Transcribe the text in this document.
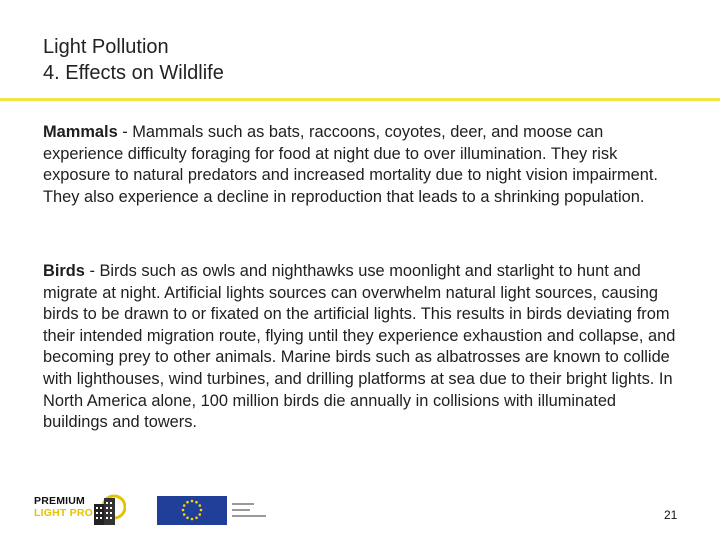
Light Pollution
4. Effects on Wildlife

Mammals - Mammals such as bats, raccoons, coyotes, deer, and moose can experience difficulty foraging for food at night due to over illumination. They risk exposure to natural predators and increased mortality due to night vision impairment. They also experience a decline in reproduction that leads to a shrinking population.

Birds - Birds such as owls and nighthawks use moonlight and starlight to hunt and migrate at night. Artificial lights sources can overwhelm natural light sources, causing birds to be drawn to or fixated on the artificial lights. This results in birds deviating from their intended migration route, flying until they experience exhaustion and collapse, and becoming prey to other animals. Marine birds such as albatrosses are known to collide with lighthouses, wind turbines, and drilling platforms at sea due to their bright lights. In North America alone, 100 million birds die annually in collisions with illuminated buildings and towers.

PREMIUM
LIGHT PRO	21
